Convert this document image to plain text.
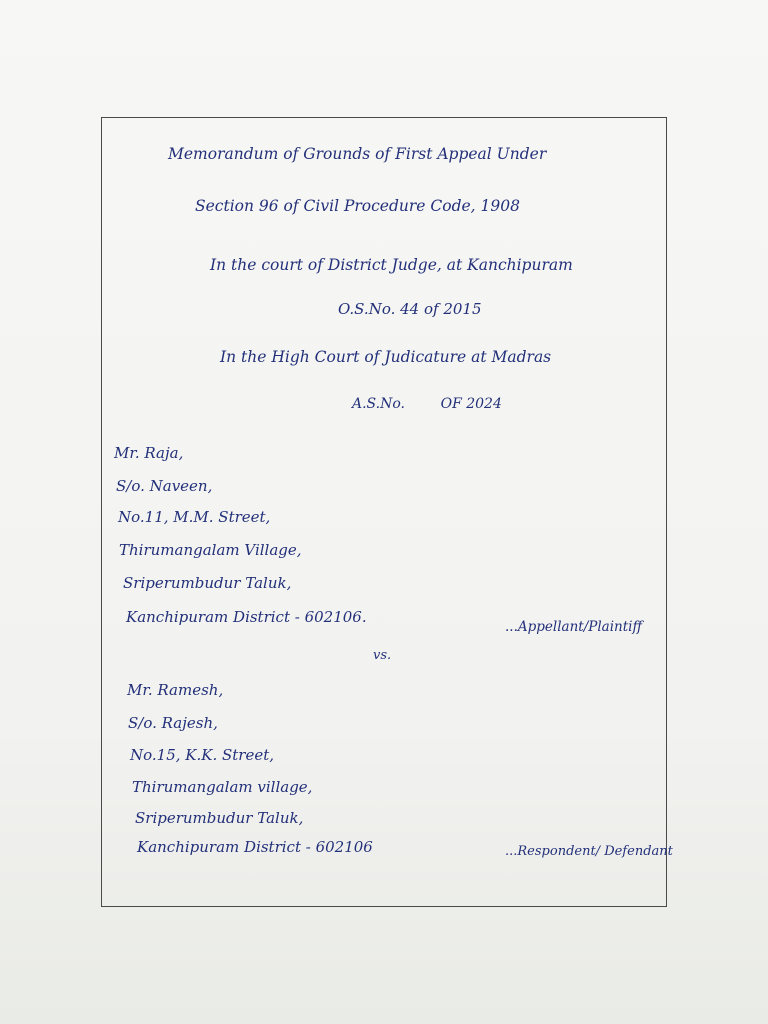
Memorandum of Grounds of First Appeal Under
Section 96 of Civil Procedure Code, 1908
In the court of District Judge, at Kanchipuram
O.S.No. 44 of 2015
In the High Court of Judicature at Madras
A.S.No.        OF 2024
Mr. Raja,
S/o. Naveen,
No.11, M.M. Street,
Thirumangalam Village,
Sriperumbudur Taluk,
Kanchipuram District - 602106.
...Appellant/Plaintiff
vs.
Mr. Ramesh,
S/o. Rajesh,
No.15, K.K. Street,
Thirumangalam village,
Sriperumbudur Taluk,
Kanchipuram District - 602106	...Respondent/ Defendant
